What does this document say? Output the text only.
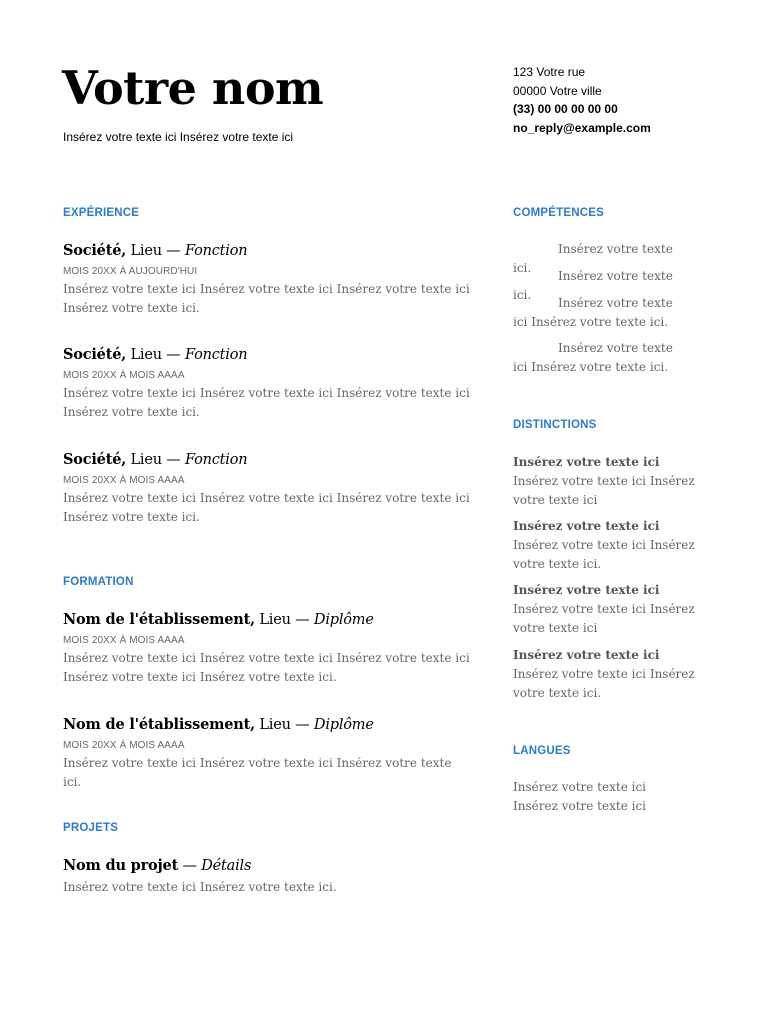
Votre nom
Insérez votre texte ici Insérez votre texte ici
123 Votre rue
00000 Votre ville
(33) 00 00 00 00 00
no_reply@example.com
EXPÉRIENCE

Société, Lieu — Fonction

MOIS 20XX À AUJOURD'HUI
Insérez votre texte ici Insérez votre texte ici Insérez votre texte ici Insérez votre texte ici.

Société, Lieu — Fonction

MOIS 20XX À MOIS AAAA
Insérez votre texte ici Insérez votre texte ici Insérez votre texte ici Insérez votre texte ici.

Société, Lieu — Fonction

MOIS 20XX À MOIS AAAA
Insérez votre texte ici Insérez votre texte ici Insérez votre texte ici Insérez votre texte ici.
FORMATION

Nom de l'établissement, Lieu — Diplôme

MOIS 20XX À MOIS AAAA
Insérez votre texte ici Insérez votre texte ici Insérez votre texte ici Insérez votre texte ici Insérez votre texte ici.

Nom de l'établissement, Lieu — Diplôme

MOIS 20XX À MOIS AAAA
Insérez votre texte ici Insérez votre texte ici Insérez votre texte ici.
PROJETS

Nom du projet — Détails

Insérez votre texte ici Insérez votre texte ici.
COMPÉTENCES
Insérez votre texte ici.
Insérez votre texte ici.
Insérez votre texte ici Insérez votre texte ici.
Insérez votre texte ici Insérez votre texte ici.
DISTINCTIONS
Insérez votre texte ici Insérez votre texte ici Insérez votre texte ici
Insérez votre texte ici Insérez votre texte ici Insérez votre texte ici.
Insérez votre texte ici Insérez votre texte ici Insérez votre texte ici
Insérez votre texte ici Insérez votre texte ici Insérez votre texte ici.
LANGUES
Insérez votre texte ici Insérez votre texte ici
